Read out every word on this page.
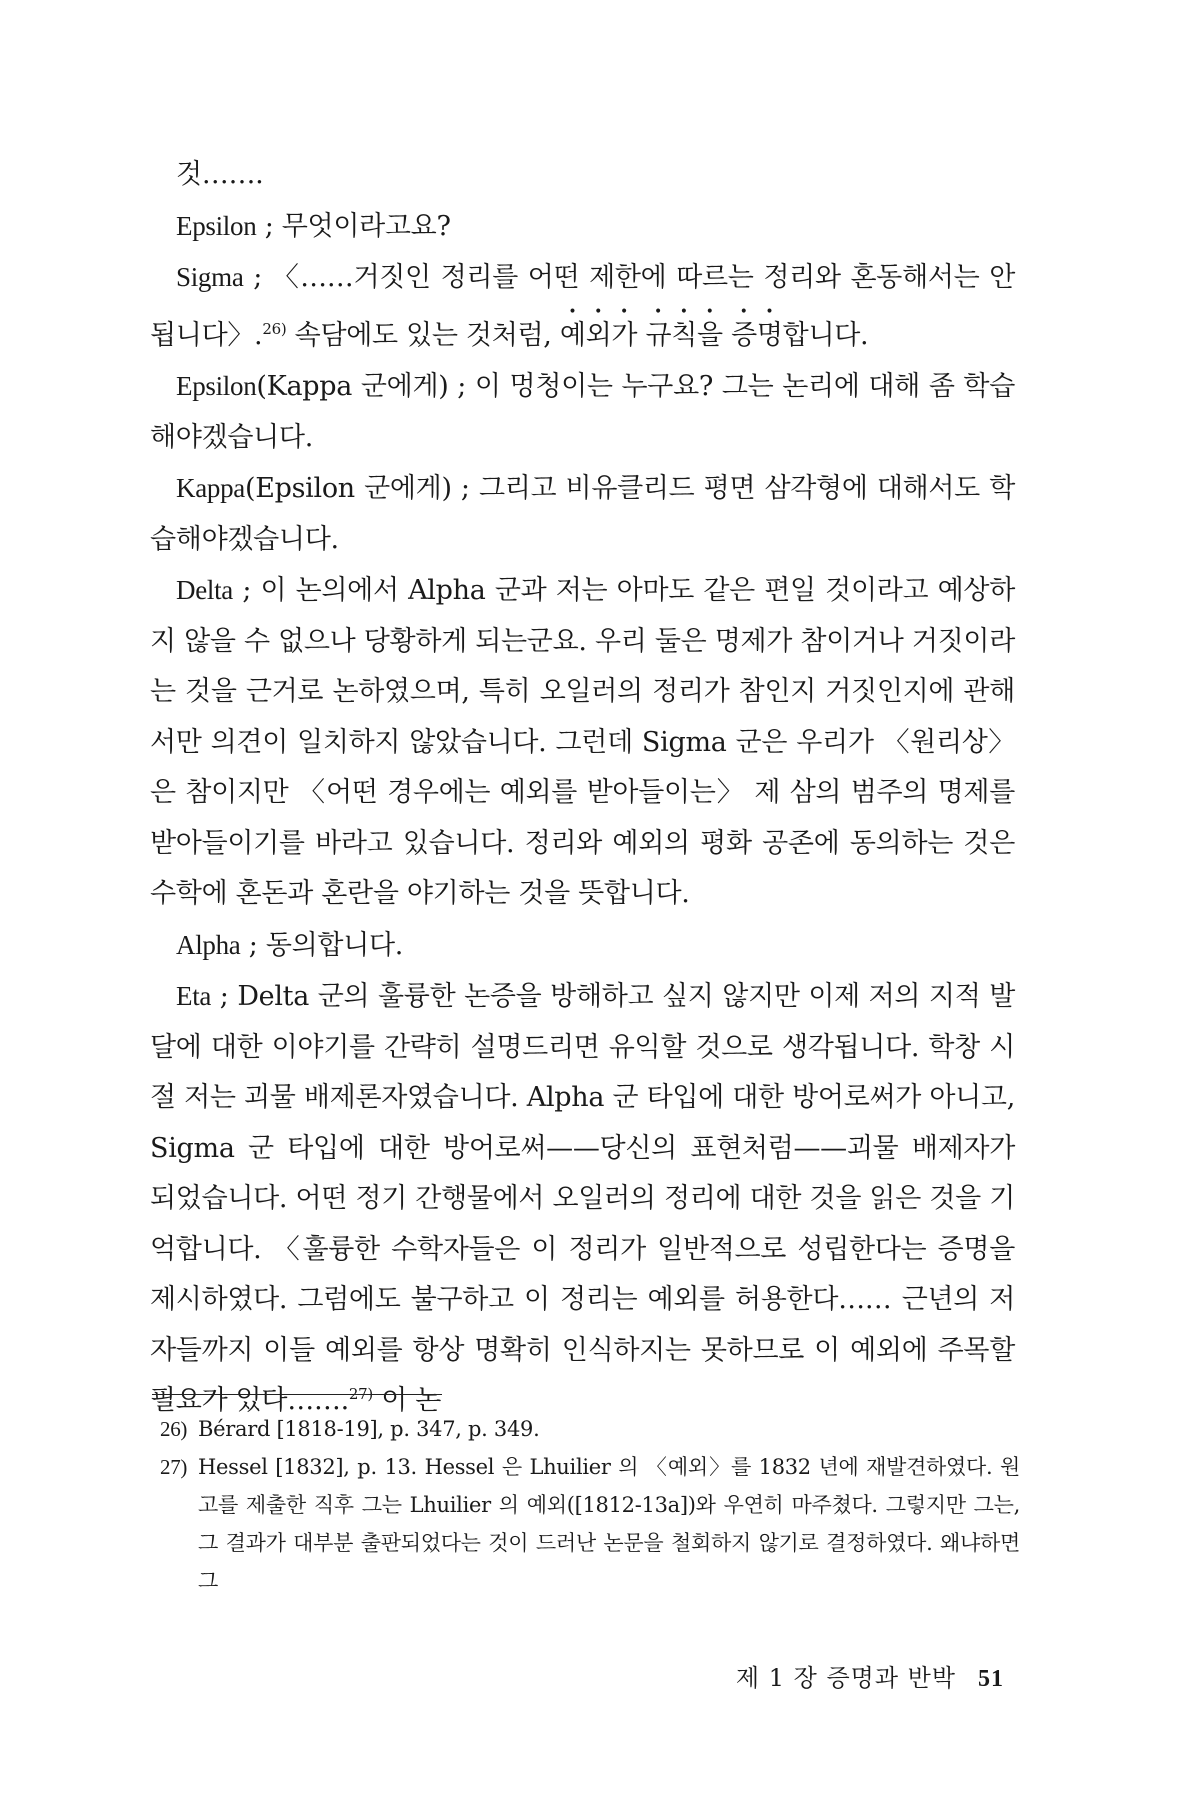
것…….

Epsilon ; 무엇이라고요?

Sigma ; 〈……거짓인 정리를 어떤 제한에 따르는 정리와 혼동해서는 안 됩니다〉.$^{26)}$ 속담에도 있는 것처럼, 예외가 규칙을 증명합니다.

Epsilon(Kappa 군에게) ; 이 멍청이는 누구요? 그는 논리에 대해 좀 학습해야겠습니다.

Kappa(Epsilon 군에게) ; 그리고 비유클리드 평면 삼각형에 대해서도 학습해야겠습니다.

Delta ; 이 논의에서 Alpha 군과 저는 아마도 같은 편일 것이라고 예상하지 않을 수 없으나 당황하게 되는군요. 우리 둘은 명제가 참이거나 거짓이라는 것을 근거로 논하였으며, 특히 오일러의 정리가 참인지 거짓인지에 관해서만 의견이 일치하지 않았습니다. 그런데 Sigma 군은 우리가 〈원리상〉은 참이지만 〈어떤 경우에는 예외를 받아들이는〉 제 삼의 범주의 명제를 받아들이기를 바라고 있습니다. 정리와 예외의 평화 공존에 동의하는 것은 수학에 혼돈과 혼란을 야기하는 것을 뜻합니다.

Alpha ; 동의합니다.

Eta ; Delta 군의 훌륭한 논증을 방해하고 싶지 않지만 이제 저의 지적 발달에 대한 이야기를 간략히 설명드리면 유익할 것으로 생각됩니다. 학창 시절 저는 괴물 배제론자였습니다. Alpha 군 타입에 대한 방어로써가 아니고, Sigma 군 타입에 대한 방어로써——당신의 표현처럼——괴물 배제자가 되었습니다. 어떤 정기 간행물에서 오일러의 정리에 대한 것을 읽은 것을 기억합니다. 〈훌륭한 수학자들은 이 정리가 일반적으로 성립한다는 증명을 제시하였다. 그럼에도 불구하고 이 정리는 예외를 허용한다…… 근년의 저자들까지 이들 예외를 항상 명확히 인식하지는 못하므로 이 예외에 주목할 필요가 있다…….$^{27)}$ 이 논

26) Bérard [1818-19], p. 347, p. 349.

27) Hessel [1832], p. 13. Hessel 은 Lhuilier 의 〈예외〉를 1832 년에 재발견하였다. 원고를 제출한 직후 그는 Lhuilier 의 예외([1812-13a])와 우연히 마주쳤다. 그렇지만 그는, 그 결과가 대부분 출판되었다는 것이 드러난 논문을 철회하지 않기로 결정하였다. 왜냐하면 그

제 1 장 증명과 반박 51
